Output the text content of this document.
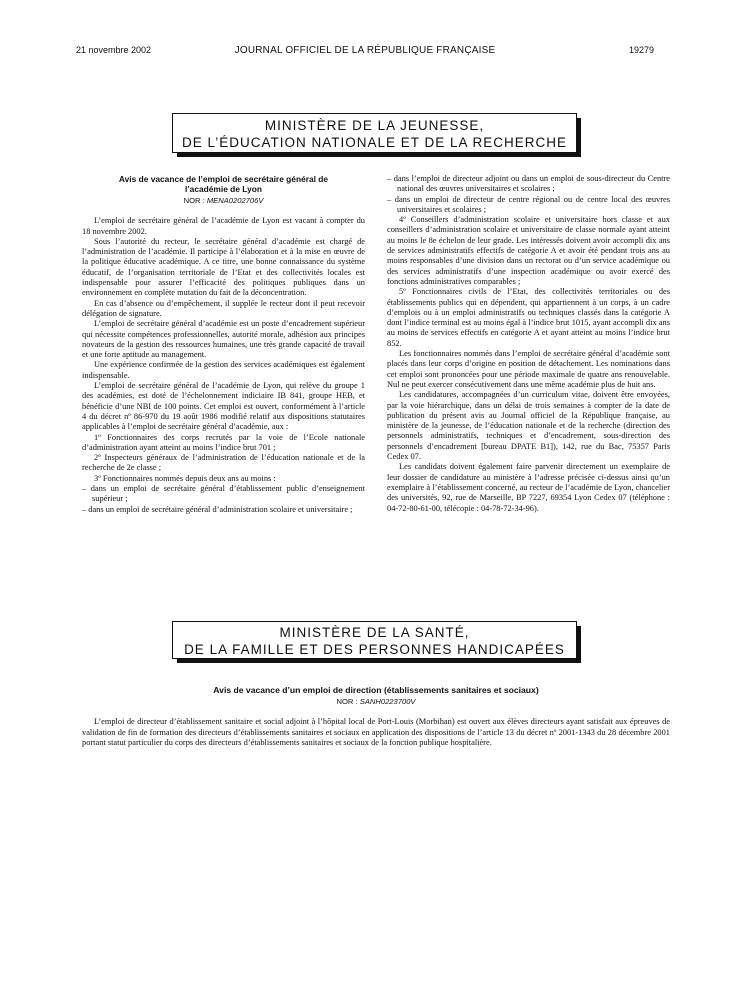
21 novembre 2002	JOURNAL OFFICIEL DE LA RÉPUBLIQUE FRANÇAISE	19279
MINISTÈRE DE LA JEUNESSE,
DE L’ÉDUCATION NATIONALE ET DE LA RECHERCHE
Avis de vacance de l’emploi de secrétaire général de l’académie de Lyon
NOR : MENA0202706V

L’emploi de secrétaire général de l’académie de Lyon est vacant à compter du 18 novembre 2002.

Sous l’autorité du recteur, le secrétaire général d’académie est chargé de l’administration de l’académie. Il participe à l’élaboration et à la mise en œuvre de la politique éducative académique. A ce titre, une bonne connaissance du système éducatif, de l’organisation territoriale de l’Etat et des collectivités locales est indispensable pour assurer l’efficacité des politiques publiques dans un environnement en complète mutation du fait de la déconcentration.

En cas d’absence ou d’empêchement, il supplée le recteur dont il peut recevoir délégation de signature.

L’emploi de secrétaire général d’académie est un poste d’encadrement supérieur qui nécessite compétences professionnelles, autorité morale, adhésion aux principes novateurs de la gestion des ressources humaines, une très grande capacité de travail et une forte aptitude au management.

Une expérience confirmée de la gestion des services académiques est également indispensable.

L’emploi de secrétaire général de l’académie de Lyon, qui relève du groupe 1 des académies, est doté de l’échelonnement indiciaire IB 841, groupe HEB, et bénéficie d’une NBI de 100 points. Cet emploi est ouvert, conformément à l’article 4 du décret nº 86-970 du 19 août 1986 modifié relatif aux dispositions statutaires applicables à l’emploi de secrétaire général d’académie, aux :

1º Fonctionnaires des corps recrutés par la voie de l’Ecole nationale d’administration ayant atteint au moins l’indice brut 701 ;

2º Inspecteurs généraux de l’administration de l’éducation nationale et de la recherche de 2e classe ;

3º Fonctionnaires nommés depuis deux ans au moins :

– dans un emploi de secrétaire général d’établissement public d’enseignement supérieur ;

– dans un emploi de secrétaire général d’administration scolaire et universitaire ;

– dans l’emploi de directeur adjoint ou dans un emploi de sous-directeur du Centre national des œuvres universitaires et scolaires ;

– dans un emploi de directeur de centre régional ou de centre local des œuvres universitaires et scolaires ;

4º Conseillers d’administration scolaire et universitaire hors classe et aux conseillers d’administration scolaire et universitaire de classe normale ayant atteint au moins le 8e échelon de leur grade. Les intéressés doivent avoir accompli dix ans de services administratifs effectifs de catégorie A et avoir été pendant trois ans au moins responsables d’une division dans un rectorat ou d’un service académique ou des services administratifs d’une inspection académique ou avoir exercé des fonctions administratives comparables ;

5º Fonctionnaires civils de l’Etat, des collectivités territoriales ou des établissements publics qui en dépendent, qui appartiennent à un corps, à un cadre d’emplois ou à un emploi administratifs ou techniques classés dans la catégorie A dont l’indice terminal est au moins égal à l’indice brut 1015, ayant accompli dix ans au moins de services effectifs en catégorie A et ayant atteint au moins l’indice brut 852.

Les fonctionnaires nommés dans l’emploi de secrétaire général d’académie sont placés dans leur corps d’origine en position de détachement. Les nominations dans cet emploi sont prononcées pour une période maximale de quatre ans renouvelable. Nul ne peut exercer consécutivement dans une même académie plus de huit ans.

Les candidatures, accompagnées d’un curriculum vitae, doivent être envoyées, par la voie hiérarchique, dans un délai de trois semaines à compter de la date de publication du présent avis au Journal officiel de la République française, au ministère de la jeunesse, de l’éducation nationale et de la recherche (direction des personnels administratifs, techniques et d’encadrement, sous-direction des personnels d’encadrement [bureau DPATE B1]), 142, rue du Bac, 75357 Paris Cedex 07.

Les candidats doivent également faire parvenir directement un exemplaire de leur dossier de candidature au ministère à l’adresse précisée ci-dessus ainsi qu’un exemplaire à l’établissement concerné, au recteur de l’académie de Lyon, chancelier des universités, 92, rue de Marseille, BP 7227, 69354 Lyon Cedex 07 (téléphone : 04-72-80-61-00, télécopie : 04-78-72-34-96).

MINISTÈRE DE LA SANTÉ,
DE LA FAMILLE ET DES PERSONNES HANDICAPÉES
Avis de vacance d’un emploi de direction (établissements sanitaires et sociaux)
NOR : SANH0223700V

L’emploi de directeur d’établissement sanitaire et social adjoint à l’hôpital local de Port-Louis (Morbihan) est ouvert aux élèves directeurs ayant satisfait aux épreuves de validation de fin de formation des directeurs d’établissements sanitaires et sociaux en application des dispositions de l’article 13 du décret nº 2001-1343 du 28 décembre 2001 portant statut particulier du corps des directeurs d’établissements sanitaires et sociaux de la fonction publique hospitalière.
